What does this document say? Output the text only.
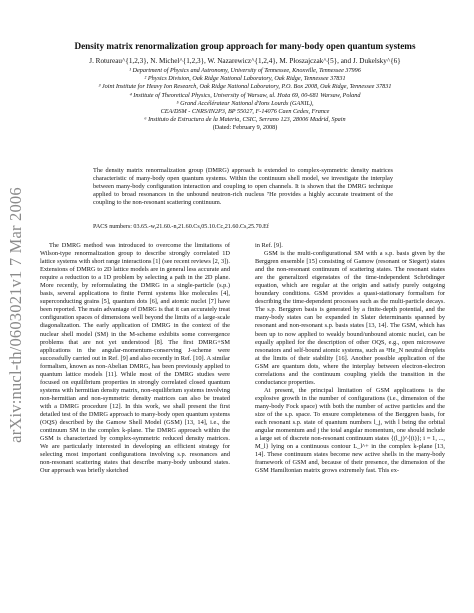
arXiv:nucl-th/0603021v1 7 Mar 2006
Density matrix renormalization group approach for many-body open quantum systems
J. Rotureau^{1,2,3}, N. Michel^{1,2,3}, W. Nazarewicz^{1,2,4}, M. Płoszajczak^{5}, and J. Dukelsky^{6}
¹ Department of Physics and Astronomy, University of Tennessee, Knoxville, Tennessee 37996
² Physics Division, Oak Ridge National Laboratory, Oak Ridge, Tennessee 37831
³ Joint Institute for Heavy Ion Research, Oak Ridge National Laboratory, P.O. Box 2008, Oak Ridge, Tennessee 37831
⁴ Institute of Theoretical Physics, University of Warsaw, ul. Hoża 69, 00-681 Warsaw, Poland
⁵ Grand Accélérateur National d'Ions Lourds (GANIL),
CEA/DSM - CNRS/IN2P3, BP 55027, F-14076 Caen Cedex, France
⁶ Instituto de Estructura de la Materia, CSIC, Serrano 123, 28006 Madrid, Spain
(Dated: February 9, 2008)
The density matrix renormalization group (DMRG) approach is extended to complex-symmetric density matrices characteristic of many-body open quantum systems. Within the continuum shell model, we investigate the interplay between many-body configuration interaction and coupling to open channels. It is shown that the DMRG technique applied to broad resonances in the unbound neutron-rich nucleus ⁷He provides a highly accurate treatment of the coupling to the non-resonant scattering continuum.
PACS numbers: 03.65.-w,21.60.-n,21.60.Cs,05.10.Cc,21.60.Cs,25.70.Ef

The DMRG method was introduced to overcome the limitations of Wilson-type renormalization group to describe strongly correlated 1D lattice systems with short range interactions [1] (see recent reviews [2, 3]). Extensions of DMRG to 2D lattice models are in general less accurate and require a reduction to a 1D problem by selecting a path in the 2D plane. More recently, by reformulating the DMRG in a single-particle (s.p.) basis, several applications to finite Fermi systems like molecules [4], superconducting grains [5], quantum dots [6], and atomic nuclei [7] have been reported. The main advantage of DMRG is that it can accurately treat configuration spaces of dimensions well beyond the limits of a large-scale diagonalization. The early application of DMRG in the context of the nuclear shell model (SM) in the M-scheme exhibits some convergence problems that are not yet understood [8]. The first DMRG+SM applications in the angular-momentum-conserving J-scheme were successfully carried out in Ref. [9] and also recently in Ref. [10]. A similar formalism, known as non-Abelian DMRG, has been previously applied to quantum lattice models [11]. While most of the DMRG studies were focused on equilibrium properties in strongly correlated closed quantum systems with hermitian density matrix, non-equilibrium systems involving non-hermitian and non-symmetric density matrices can also be treated with a DMRG procedure [12]. In this work, we shall present the first detailed test of the DMRG approach to many-body open quantum systems (OQS) described by the Gamow Shell Model (GSM) [13, 14], i.e., the continuum SM in the complex k-plane. The DMRG approach within the GSM is characterized by complex-symmetric reduced density matrices. We are particularly interested in developing an efficient strategy for selecting most important configurations involving s.p. resonances and non-resonant scattering states that describe many-body unbound states. Our approach was briefly sketched

in Ref. [9].

GSM is the multi-configurational SM with a s.p. basis given by the Berggren ensemble [15] consisting of Gamow (resonant or Siegert) states and the non-resonant continuum of scattering states. The resonant states are the generalized eigenstates of the time-independent Schrödinger equation, which are regular at the origin and satisfy purely outgoing boundary conditions. GSM provides a quasi-stationary formalism for describing the time-dependent processes such as the multi-particle decays. The s.p. Berggren basis is generated by a finite-depth potential, and the many-body states can be expanded in Slater determinants spanned by resonant and non-resonant s.p. basis states [13, 14]. The GSM, which has been up to now applied to weakly bound/unbound atomic nuclei, can be equally applied for the description of other OQS, e.g., open microwave resonators and self-bound atomic systems, such as ³He_N neutral droplets at the limits of their stability [16]. Another possible application of the GSM are quantum dots, where the interplay between electron-electron correlations and the continuum coupling yields the transition in the conductance properties.

At present, the principal limitation of GSM applications is the explosive growth in the number of configurations (i.e., dimension of the many-body Fock space) with both the number of active particles and the size of the s.p. space. To ensure completeness of the Berggren basis, for each resonant s.p. state of quantum numbers l_j, with l being the orbital angular momentum and j the total angular momentum, one should include a large set of discrete non-resonant continuum states {(l_j)^{(i)}; i = 1, ..., M_l} lying on a continuous contour L_l^+ in the complex k-plane [13, 14]. These continuum states become new active shells in the many-body framework of GSM and, because of their presence, the dimension of the GSM Hamiltonian matrix grows extremely fast. This ex-
